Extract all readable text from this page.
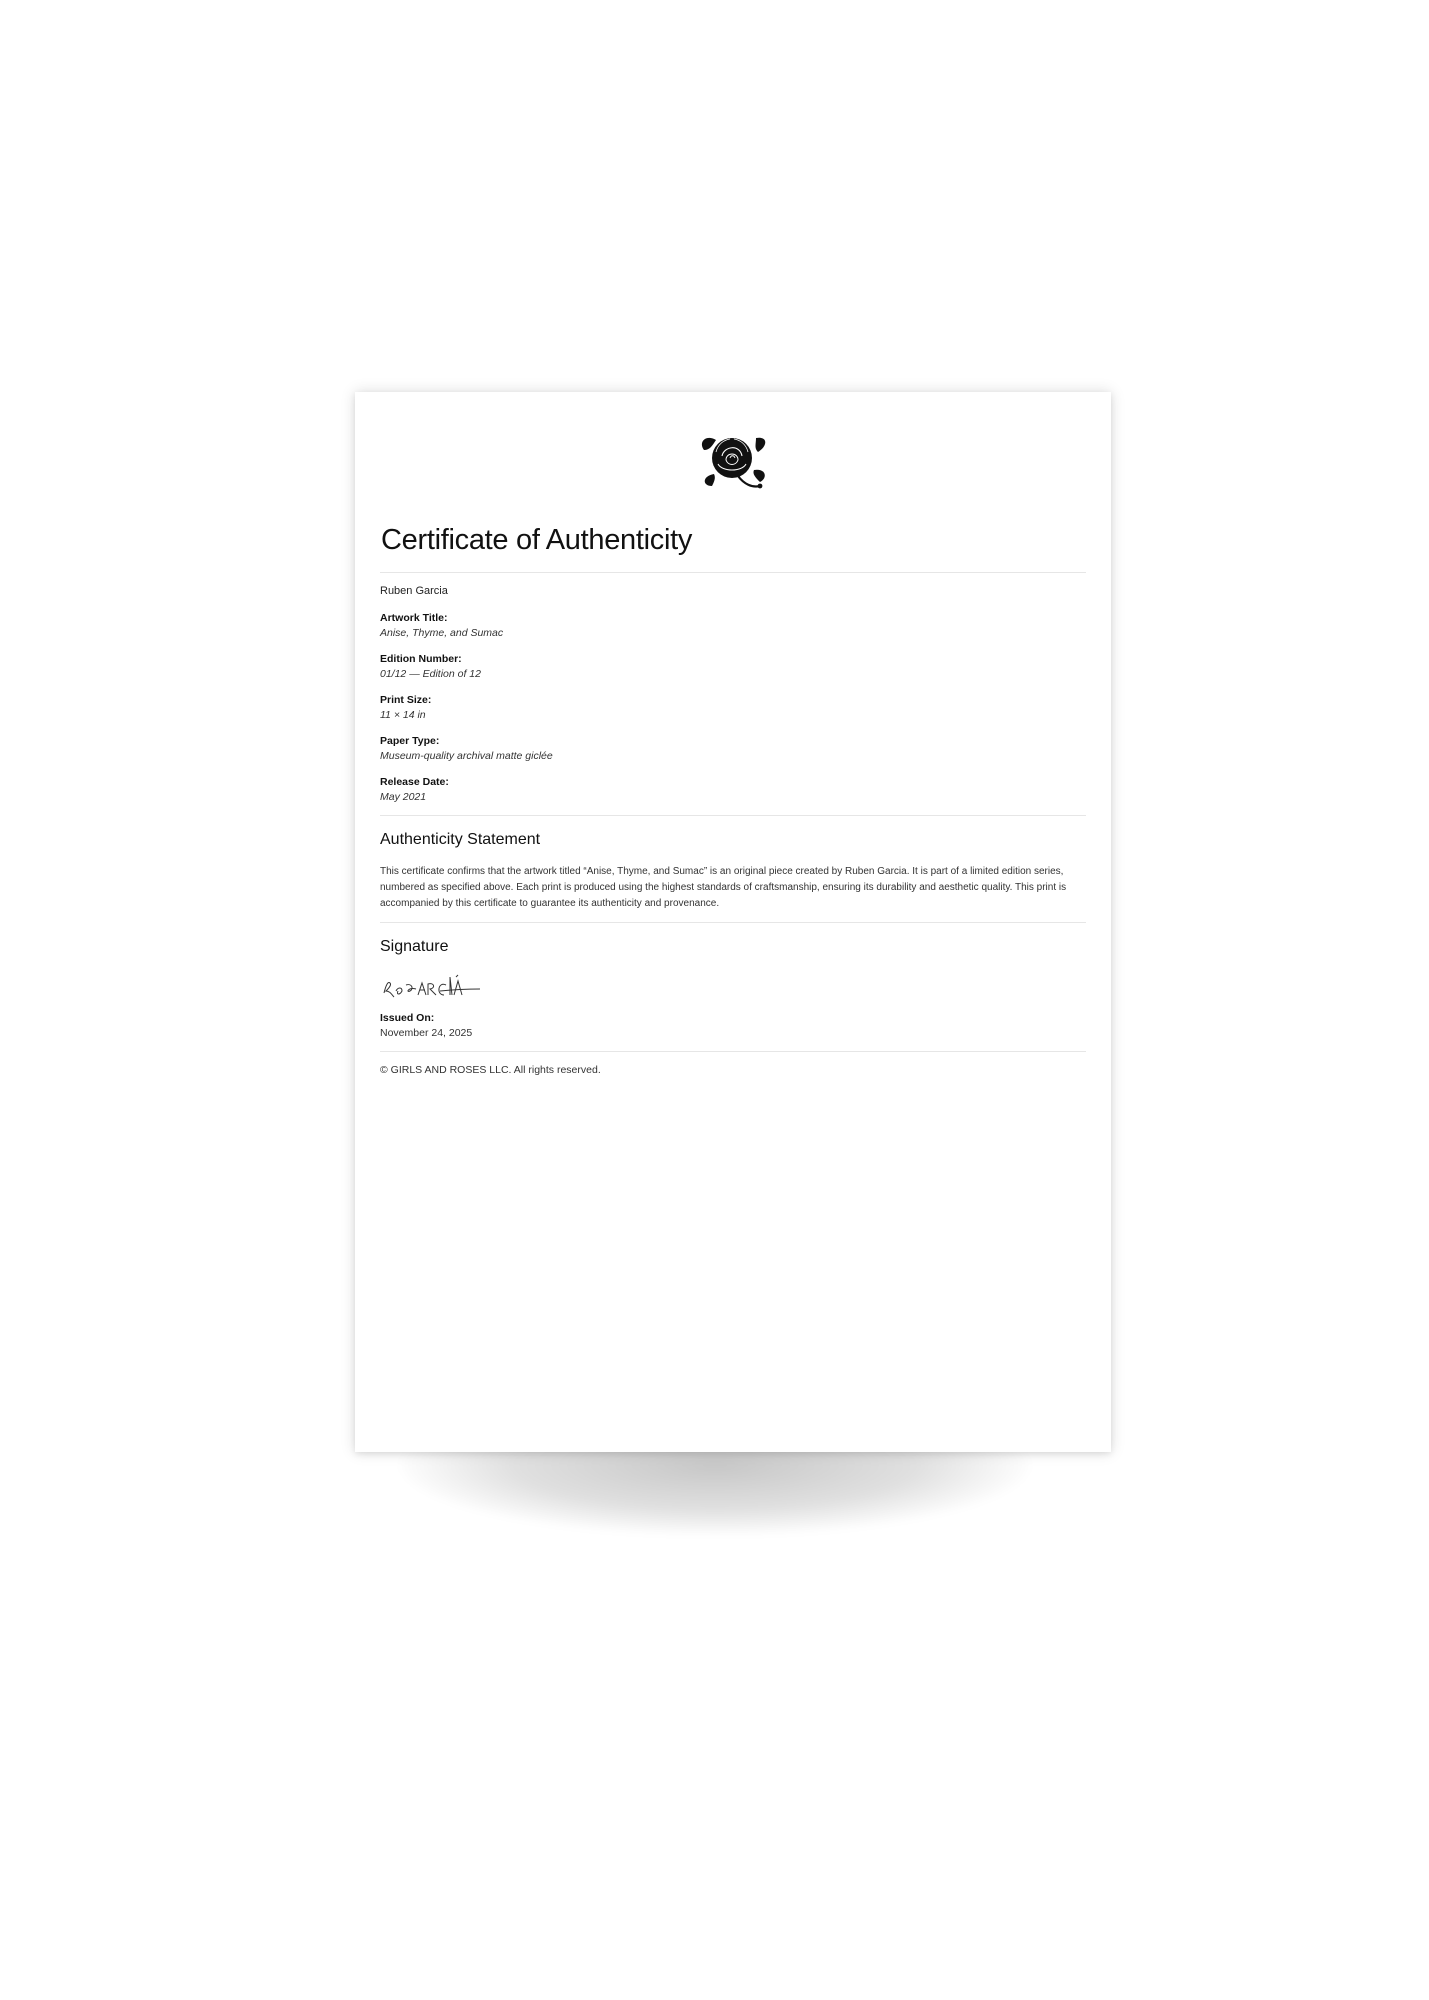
Certificate of Authenticity
Ruben Garcia
Artwork Title:
Anise, Thyme, and Sumac
Edition Number:
01/12 — Edition of 12
Print Size:
11 × 14 in
Paper Type:
Museum-quality archival matte giclée
Release Date:
May 2021
Authenticity Statement

This certificate confirms that the artwork titled “Anise, Thyme, and Sumac” is an original piece created by Ruben Garcia. It is part of a limited edition series, numbered as specified above. Each print is produced using the highest standards of craftsmanship, ensuring its durability and aesthetic quality. This print is accompanied by this certificate to guarantee its authenticity and provenance.

Signature
Issued On:
November 24, 2025
© GIRLS AND ROSES LLC. All rights reserved.
